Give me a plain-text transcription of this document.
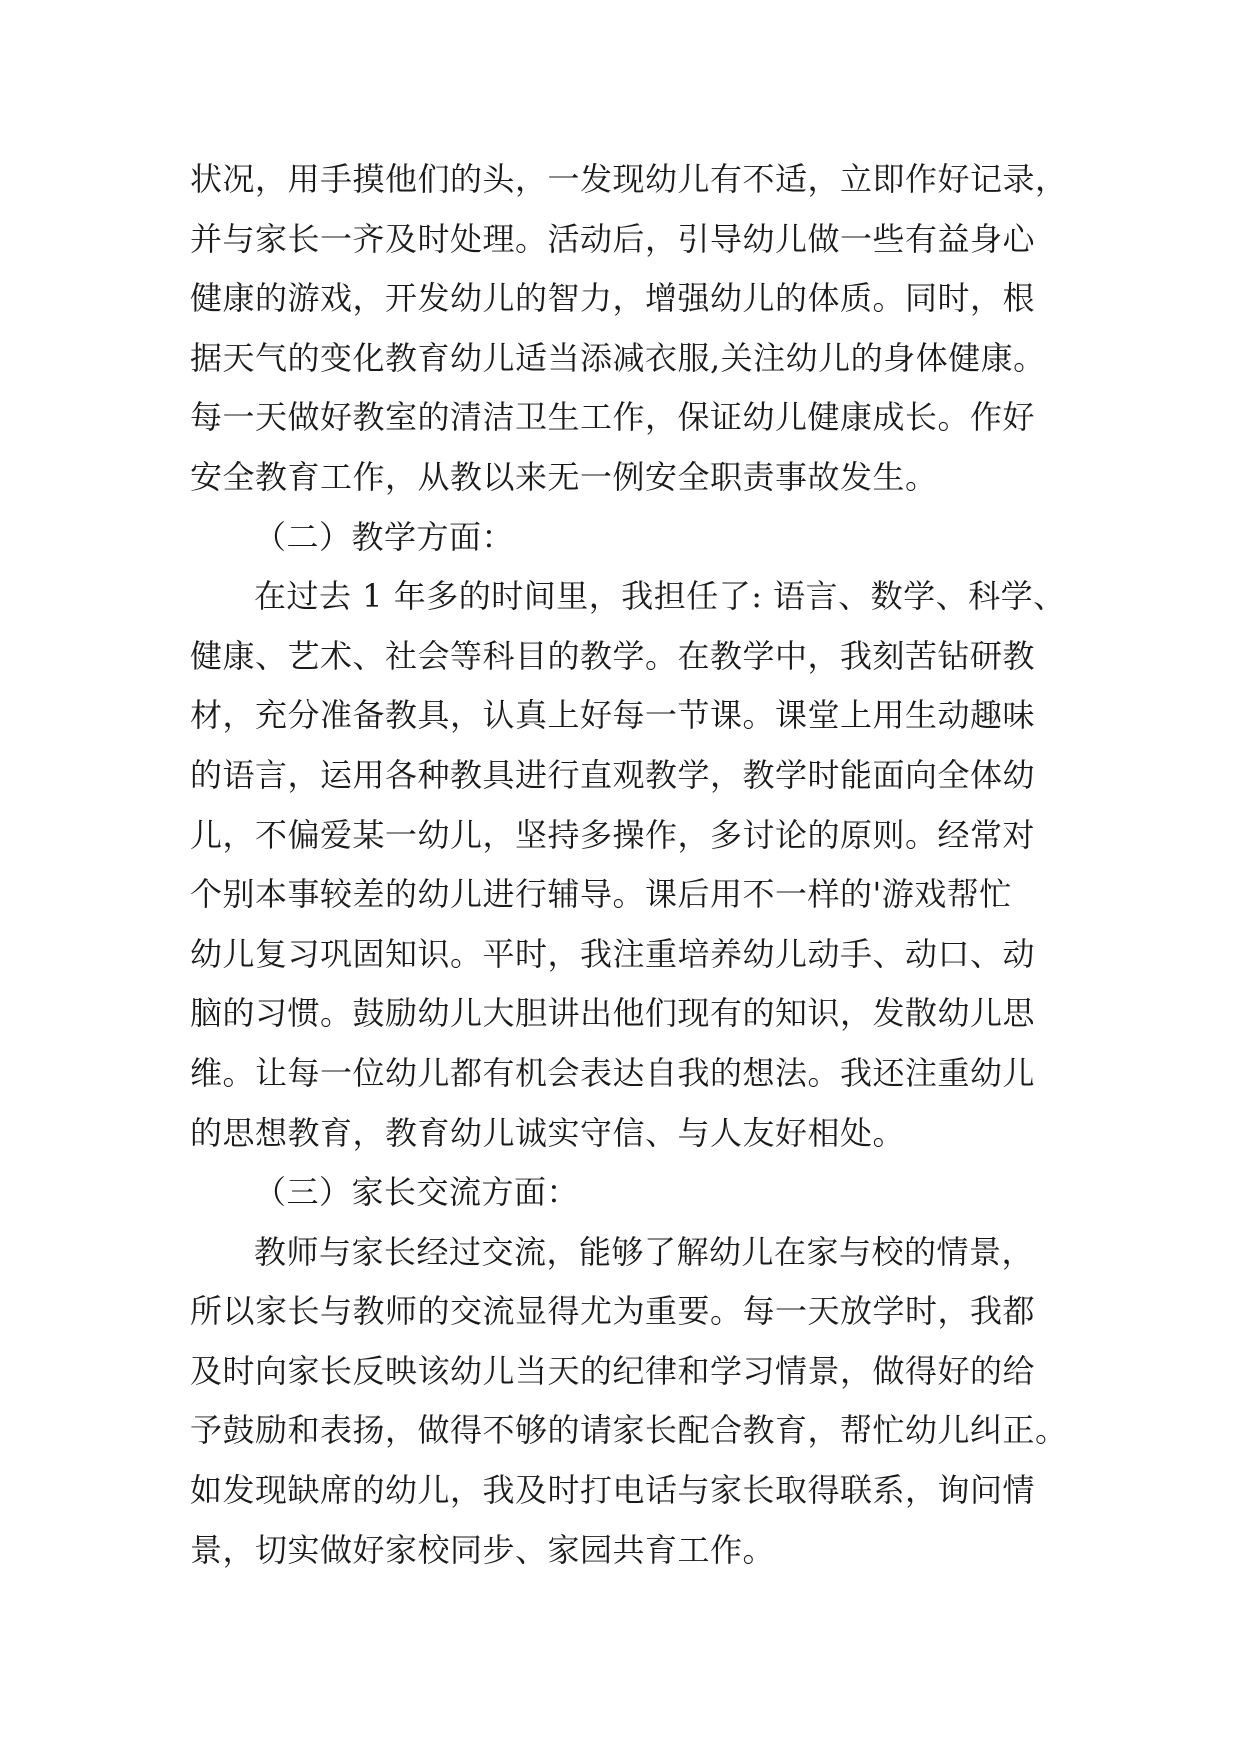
状况，用手摸他们的头，一发现幼儿有不适，立即作好记录，
并与家长一齐及时处理。活动后，引导幼儿做一些有益身心
健康的游戏，开发幼儿的智力，增强幼儿的体质。同时，根
据天气的变化教育幼儿适当添减衣服,关注幼儿的身体健康。
每一天做好教室的清洁卫生工作，保证幼儿健康成长。作好
安全教育工作，从教以来无一例安全职责事故发生。
（二）教学方面：
在过去 1 年多的时间里，我担任了: 语言、数学、科学、
健康、艺术、社会等科目的教学。在教学中，我刻苦钻研教
材，充分准备教具，认真上好每一节课。课堂上用生动趣味
的语言，运用各种教具进行直观教学，教学时能面向全体幼
儿，不偏爱某一幼儿，坚持多操作，多讨论的原则。经常对
个别本事较差的幼儿进行辅导。课后用不一样的'游戏帮忙
幼儿复习巩固知识。平时，我注重培养幼儿动手、动口、动
脑的习惯。鼓励幼儿大胆讲出他们现有的知识，发散幼儿思
维。让每一位幼儿都有机会表达自我的想法。我还注重幼儿
的思想教育，教育幼儿诚实守信、与人友好相处。
（三）家长交流方面：
教师与家长经过交流，能够了解幼儿在家与校的情景，
所以家长与教师的交流显得尤为重要。每一天放学时，我都
及时向家长反映该幼儿当天的纪律和学习情景，做得好的给
予鼓励和表扬，做得不够的请家长配合教育，帮忙幼儿纠正。
如发现缺席的幼儿，我及时打电话与家长取得联系，询问情
景，切实做好家校同步、家园共育工作。
